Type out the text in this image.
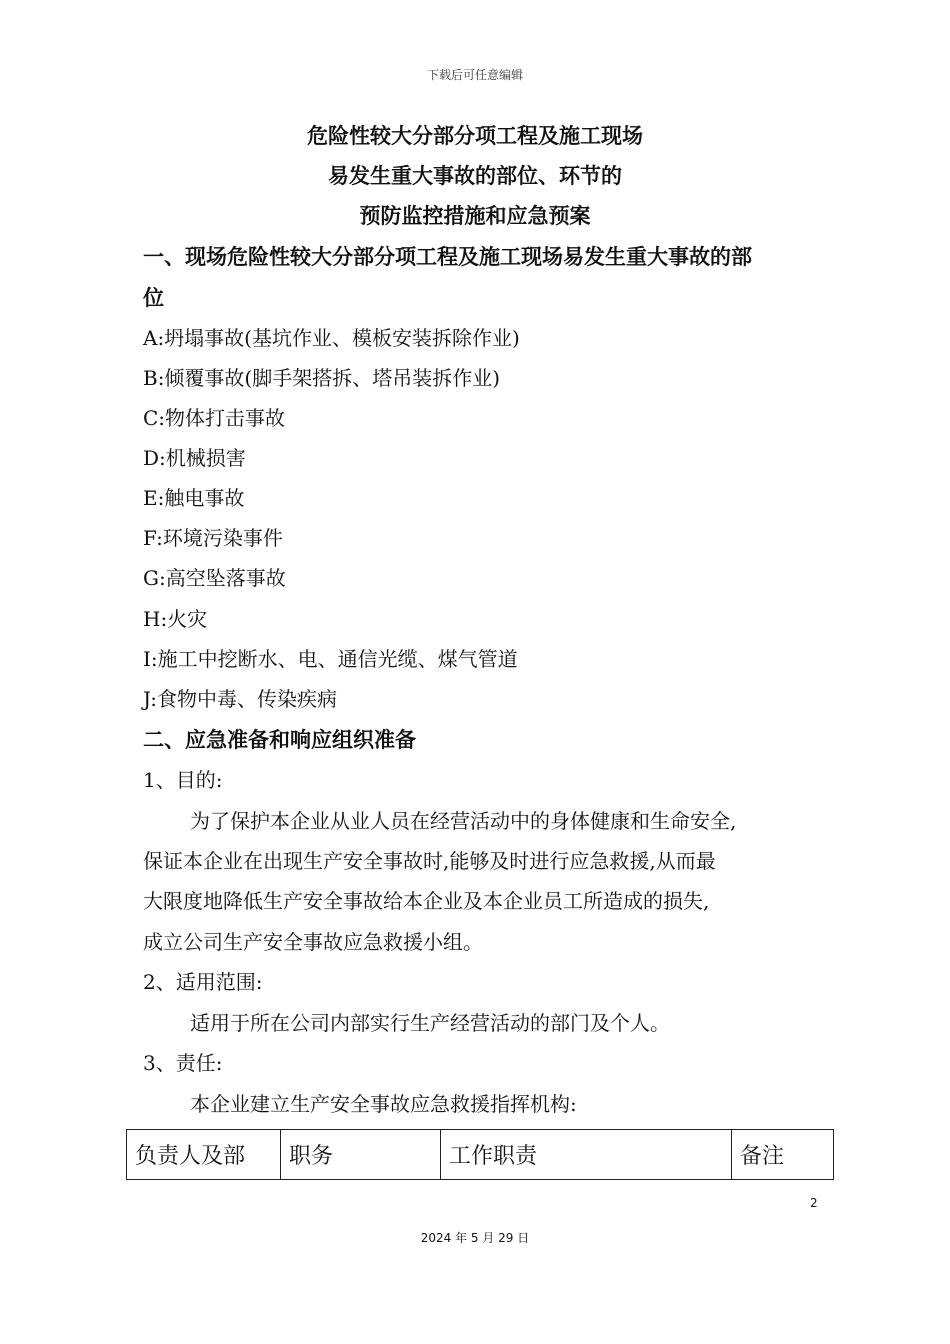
下载后可任意编辑
危险性较大分部分项工程及施工现场
易发生重大事故的部位、环节的
预防监控措施和应急预案
一、现场危险性较大分部分项工程及施工现场易发生重大事故的部
位
A:坍塌事故(基坑作业、模板安装拆除作业)
B:倾覆事故(脚手架搭拆、塔吊装拆作业)
C:物体打击事故
D:机械损害
E:触电事故
F:环境污染事件
G:高空坠落事故
H:火灾
I:施工中挖断水、电、通信光缆、煤气管道
J:食物中毒、传染疾病
二、应急准备和响应组织准备
1、目的:
为了保护本企业从业人员在经营活动中的身体健康和生命安全,
保证本企业在出现生产安全事故时,能够及时进行应急救援,从而最
大限度地降低生产安全事故给本企业及本企业员工所造成的损失,
成立公司生产安全事故应急救援小组。
2、适用范围:
适用于所在公司内部实行生产经营活动的部门及个人。
3、责任:
本企业建立生产安全事故应急救援指挥机构:
负责人及部	职务	工作职责	备注
2
2024 年 5 月 29 日
